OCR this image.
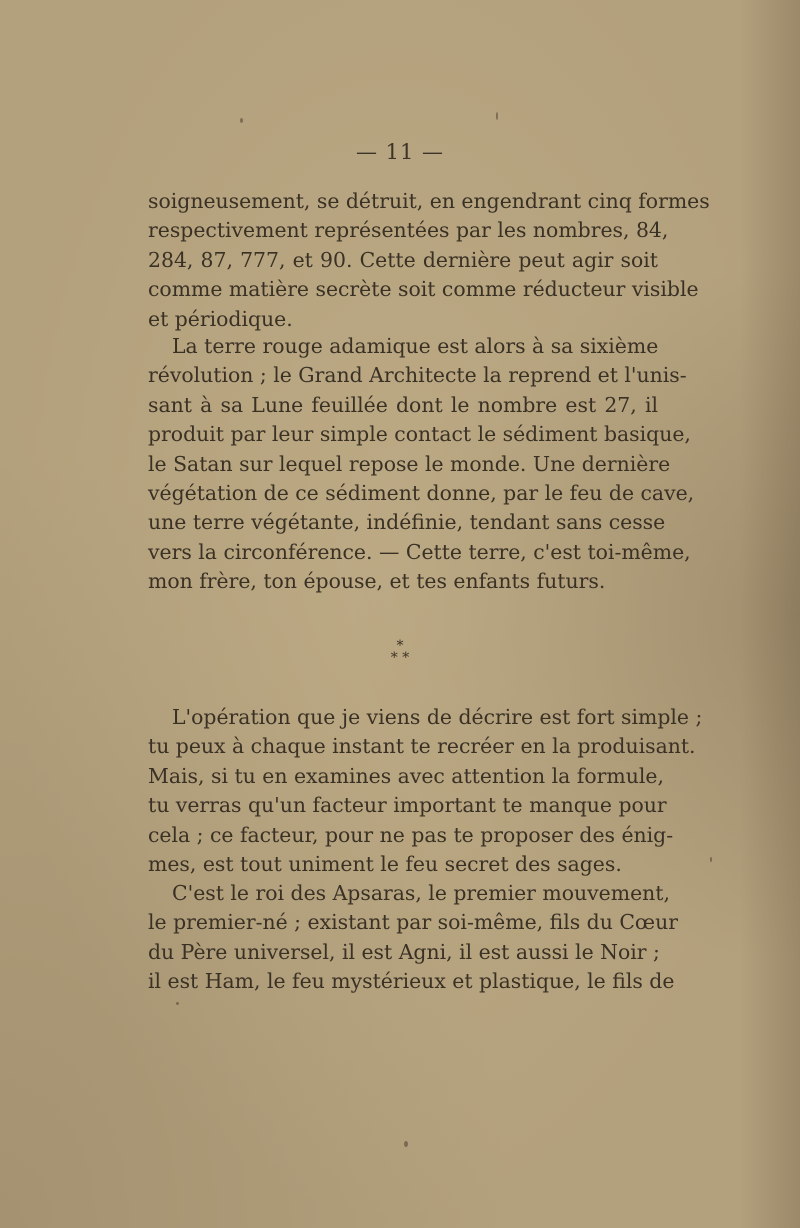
— 11 —
soigneusement, se détruit, en engendrant cinq formes
respectivement représentées par les nombres, 84,
284, 87, 777, et 90. Cette dernière peut agir soit
comme matière secrète soit comme réducteur visible
et périodique.
La terre rouge adamique est alors à sa sixième
révolution ; le Grand Architecte la reprend et l'unis-
sant à sa Lune feuillée dont le nombre est 27, il
produit par leur simple contact le sédiment basique,
le Satan sur lequel repose le monde. Une dernière
végétation de ce sédiment donne, par le feu de cave,
une terre végétante, indéfinie, tendant sans cesse
vers la circonférence. — Cette terre, c'est toi-même,
mon frère, ton épouse, et tes enfants futurs.
*
* *
L'opération que je viens de décrire est fort simple ;
tu peux à chaque instant te recréer en la produisant.
Mais, si tu en examines avec attention la formule,
tu verras qu'un facteur important te manque pour
cela ; ce facteur, pour ne pas te proposer des énig-
mes, est tout uniment le feu secret des sages.
C'est le roi des Apsaras, le premier mouvement,
le premier-né ; existant par soi-même, fils du Cœur
du Père universel, il est Agni, il est aussi le Noir ;
il est Ham, le feu mystérieux et plastique, le fils de
